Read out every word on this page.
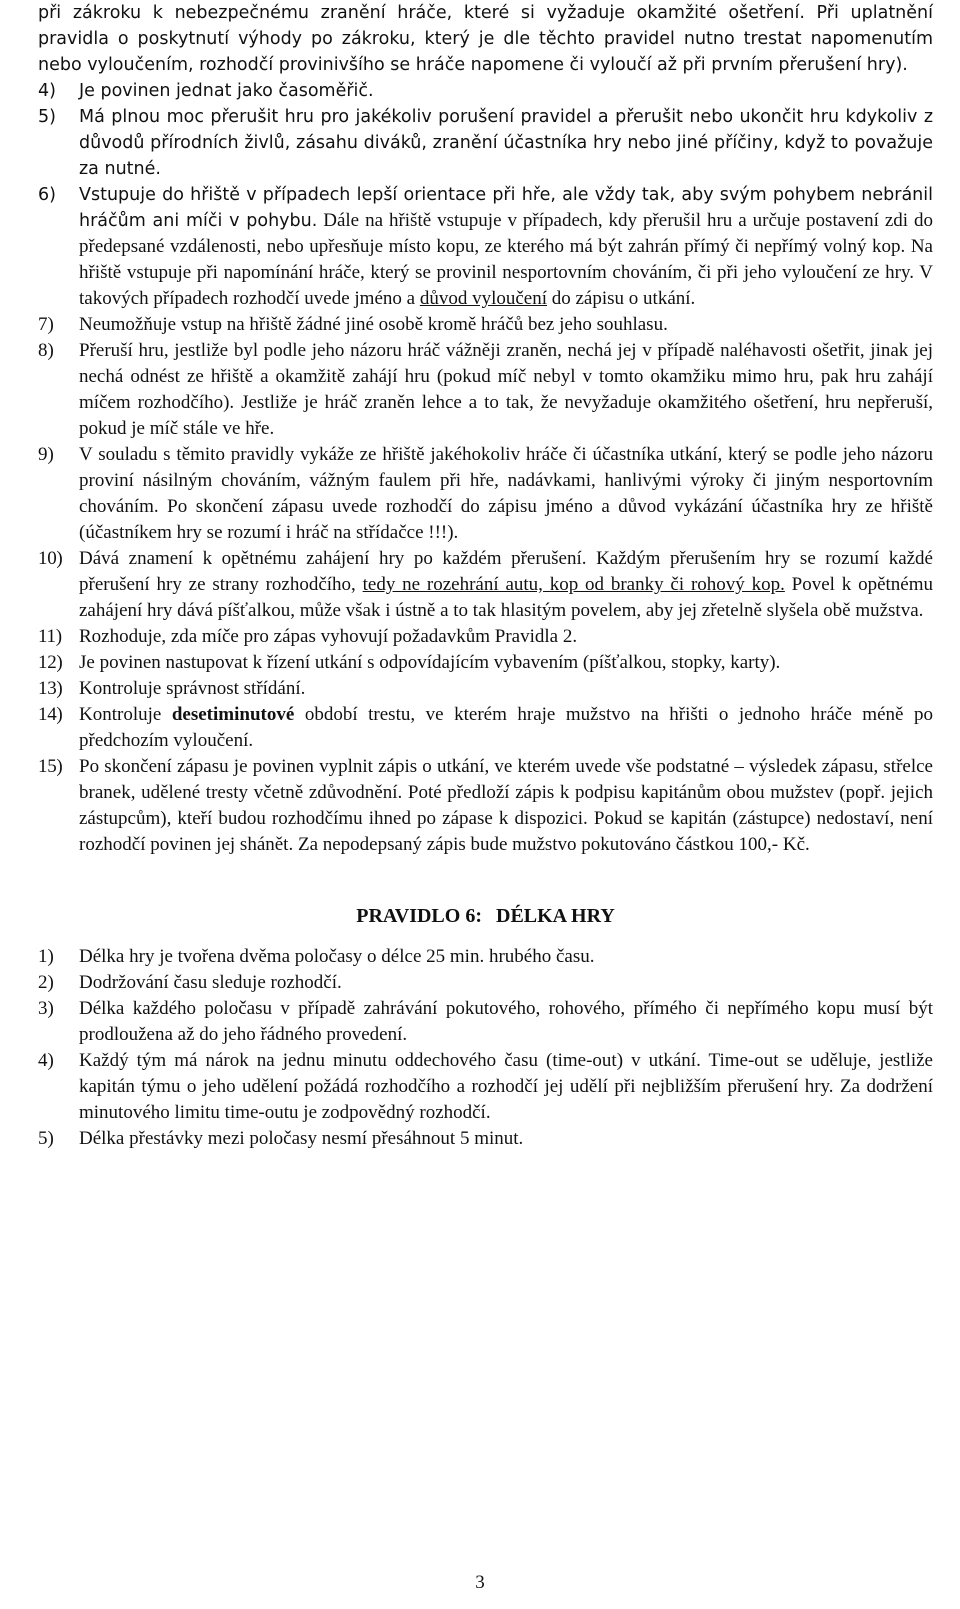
při zákroku k nebezpečnému zranění hráče, které si vyžaduje okamžité ošetření. Při uplatnění pravidla o poskytnutí výhody po zákroku, který je dle těchto pravidel nutno trestat napomenutím nebo vyloučením, rozhodčí provinivšího se hráče napomene či vyloučí až při prvním přerušení hry).

4)	Je povinen jednat jako časoměřič.
5)	Má plnou moc přerušit hru pro jakékoliv porušení pravidel a přerušit nebo ukončit hru kdykoliv z důvodů přírodních živlů, zásahu diváků, zranění účastníka hry nebo jiné příčiny, když to považuje za nutné.
6)	Vstupuje do hřiště v případech lepší orientace při hře, ale vždy tak, aby svým pohybem nebránil hráčům ani míči v pohybu. Dále na hřiště vstupuje v případech, kdy přerušil hru a určuje postavení zdi do předepsané vzdálenosti, nebo upřesňuje místo kopu, ze kterého má být zahrán přímý či nepřímý volný kop. Na hřiště vstupuje při napomínání hráče, který se provinil nesportovním chováním, či při jeho vyloučení ze hry. V takových případech rozhodčí uvede jméno a důvod vyloučení do zápisu o utkání.
7)	Neumožňuje vstup na hřiště žádné jiné osobě kromě hráčů bez jeho souhlasu.
8)	Přeruší hru, jestliže byl podle jeho názoru hráč vážněji zraněn, nechá jej v případě naléhavosti ošetřit, jinak jej nechá odnést ze hřiště a okamžitě zahájí hru (pokud míč nebyl v tomto okamžiku mimo hru, pak hru zahájí míčem rozhodčího). Jestliže je hráč zraněn lehce a to tak, že nevyžaduje okamžitého ošetření, hru nepřeruší, pokud je míč stále ve hře.
9)	V souladu s těmito pravidly vykáže ze hřiště jakéhokoliv hráče či účastníka utkání, který se podle jeho názoru proviní násilným chováním, vážným faulem při hře, nadávkami, hanlivými výroky či jiným nesportovním chováním. Po skončení zápasu uvede rozhodčí do zápisu jméno a důvod vykázání účastníka hry ze hřiště (účastníkem hry se rozumí i hráč na střídačce !!!).
10) Dává znamení k opětnému zahájení hry po každém přerušení. Každým přerušením hry se rozumí každé přerušení hry ze strany rozhodčího, tedy ne rozehrání autu, kop od branky či rohový kop. Povel k opětnému zahájení hry dává píšťalkou, může však i ústně a to tak hlasitým povelem, aby jej zřetelně slyšela obě mužstva.
11) Rozhoduje, zda míče pro zápas vyhovují požadavkům Pravidla 2.
12) Je povinen nastupovat k řízení utkání s odpovídajícím vybavením (píšťalkou, stopky, karty).
13) Kontroluje správnost střídání.
14) Kontroluje desetiminutové období trestu, ve kterém hraje mužstvo na hřišti o jednoho hráče méně po předchozím vyloučení.
15) Po skončení zápasu je povinen vyplnit zápis o utkání, ve kterém uvede vše podstatné – výsledek zápasu, střelce branek, udělené tresty včetně zdůvodnění. Poté předloží zápis k podpisu kapitánům obou mužstev (popř. jejich zástupcům), kteří budou rozhodčímu ihned po zápase k dispozici. Pokud se kapitán (zástupce) nedostaví, není rozhodčí povinen jej shánět. Za nepodepsaný zápis bude mužstvo pokutováno částkou 100,- Kč.
PRAVIDLO 6: DÉLKA HRY
1)	Délka hry je tvořena dvěma poločasy o délce 25 min. hrubého času.
2)	Dodržování času sleduje rozhodčí.
3)	Délka každého poločasu v případě zahrávání pokutového, rohového, přímého či nepřímého kopu musí být prodloužena až do jeho řádného provedení.
4)	Každý tým má nárok na jednu minutu oddechového času (time-out) v utkání. Time-out se uděluje, jestliže kapitán týmu o jeho udělení požádá rozhodčího a rozhodčí jej udělí při nejbližším přerušení hry. Za dodržení minutového limitu time-outu je zodpovědný rozhodčí.
5)	Délka přestávky mezi poločasy nesmí přesáhnout 5 minut.
3
